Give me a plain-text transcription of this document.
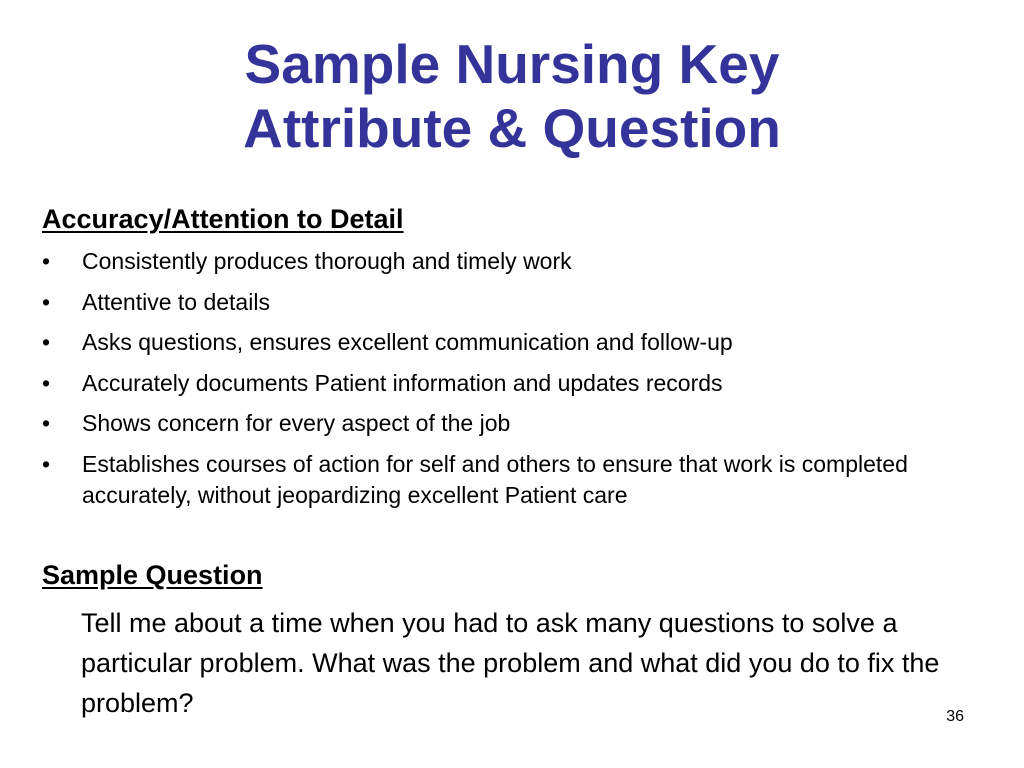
Sample Nursing Key
Attribute & Question
Accuracy/Attention to Detail
• Consistently produces thorough and timely work
• Attentive to details
• Asks questions, ensures excellent communication and follow-up
• Accurately documents Patient information and updates records
• Shows concern for every aspect of the job
• Establishes courses of action for self and others to ensure that work is completed accurately, without jeopardizing excellent Patient care
Sample Question

Tell me about a time when you had to ask many questions to solve a particular problem. What was the problem and what did you do to fix the problem?	36
